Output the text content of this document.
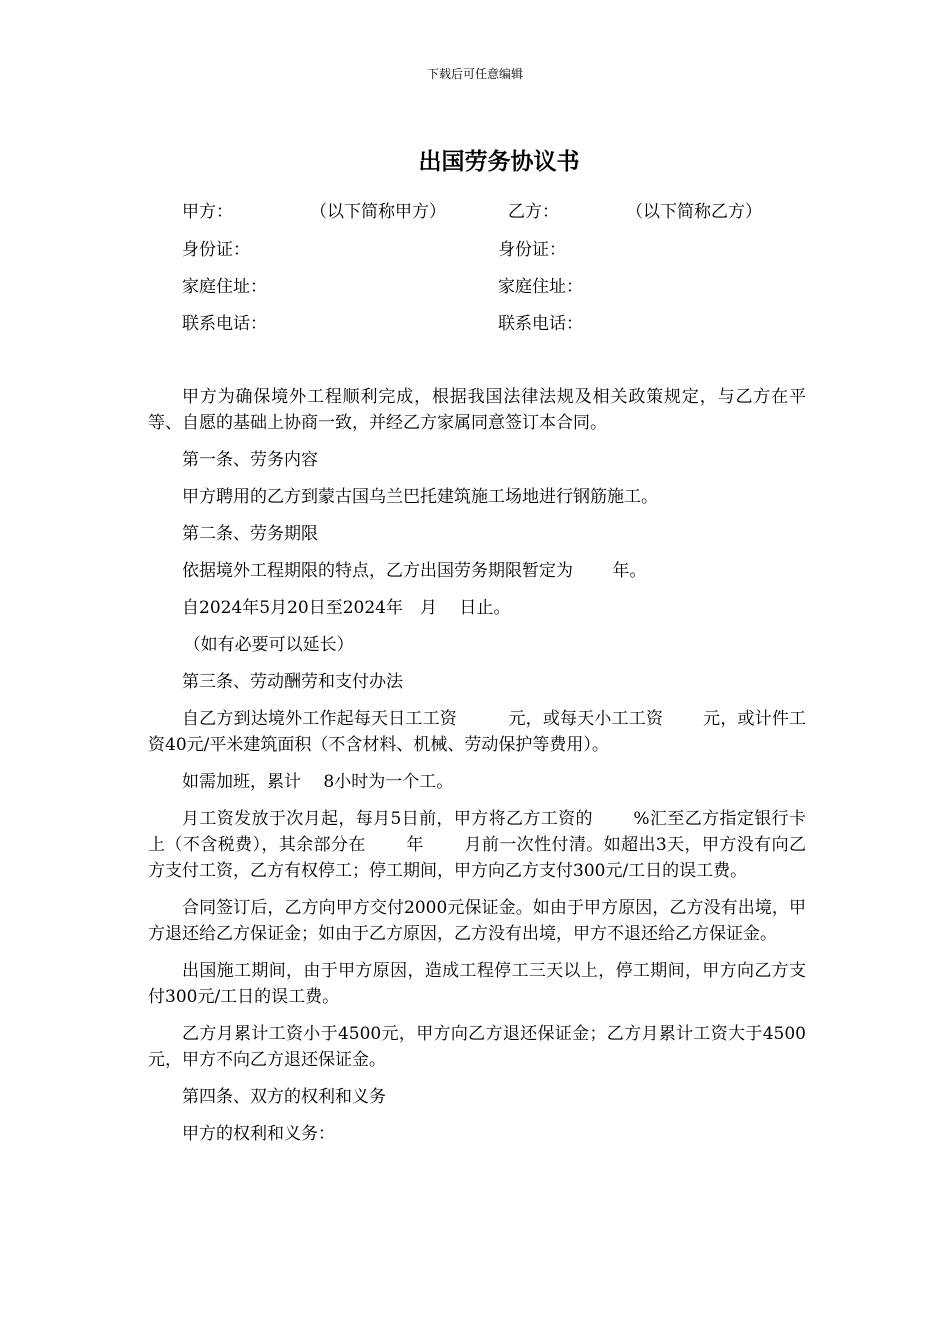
下载后可任意编辑
出国劳务协议书
甲方：	（以下简称甲方）	乙方：	（以下简称乙方）
身份证：	身份证：
家庭住址：	家庭住址：
联系电话：	联系电话：

甲方为确保境外工程顺利完成，根据我国法律法规及相关政策规定，与乙方在平等、自愿的基础上协商一致，并经乙方家属同意签订本合同。

第一条、劳务内容

甲方聘用的乙方到蒙古国乌兰巴托建筑施工场地进行钢筋施工。

第二条、劳务期限

依据境外工程期限的特点，乙方出国劳务期限暂定为　　 年。

自2024年5月20日至2024年　月　 日止。

（如有必要可以延长）

第三条、劳动酬劳和支付办法

自乙方到达境外工作起每天日工工资　　　元，或每天小工工资　　 元，或计件工资40元/平米建筑面积（不含材料、机械、劳动保护等费用）。

如需加班，累计　 8小时为一个工。

月工资发放于次月起，每月5日前，甲方将乙方工资的　　 %汇至乙方指定银行卡上（不含税费），其余部分在　　 年　　 月前一次性付清。如超出3天，甲方没有向乙方支付工资，乙方有权停工；停工期间，甲方向乙方支付300元/工日的误工费。

合同签订后，乙方向甲方交付2000元保证金。如由于甲方原因，乙方没有出境，甲方退还给乙方保证金；如由于乙方原因，乙方没有出境，甲方不退还给乙方保证金。

出国施工期间，由于甲方原因，造成工程停工三天以上，停工期间，甲方向乙方支付300元/工日的误工费。

乙方月累计工资小于4500元，甲方向乙方退还保证金；乙方月累计工资大于4500元，甲方不向乙方退还保证金。

第四条、双方的权利和义务

甲方的权利和义务：
